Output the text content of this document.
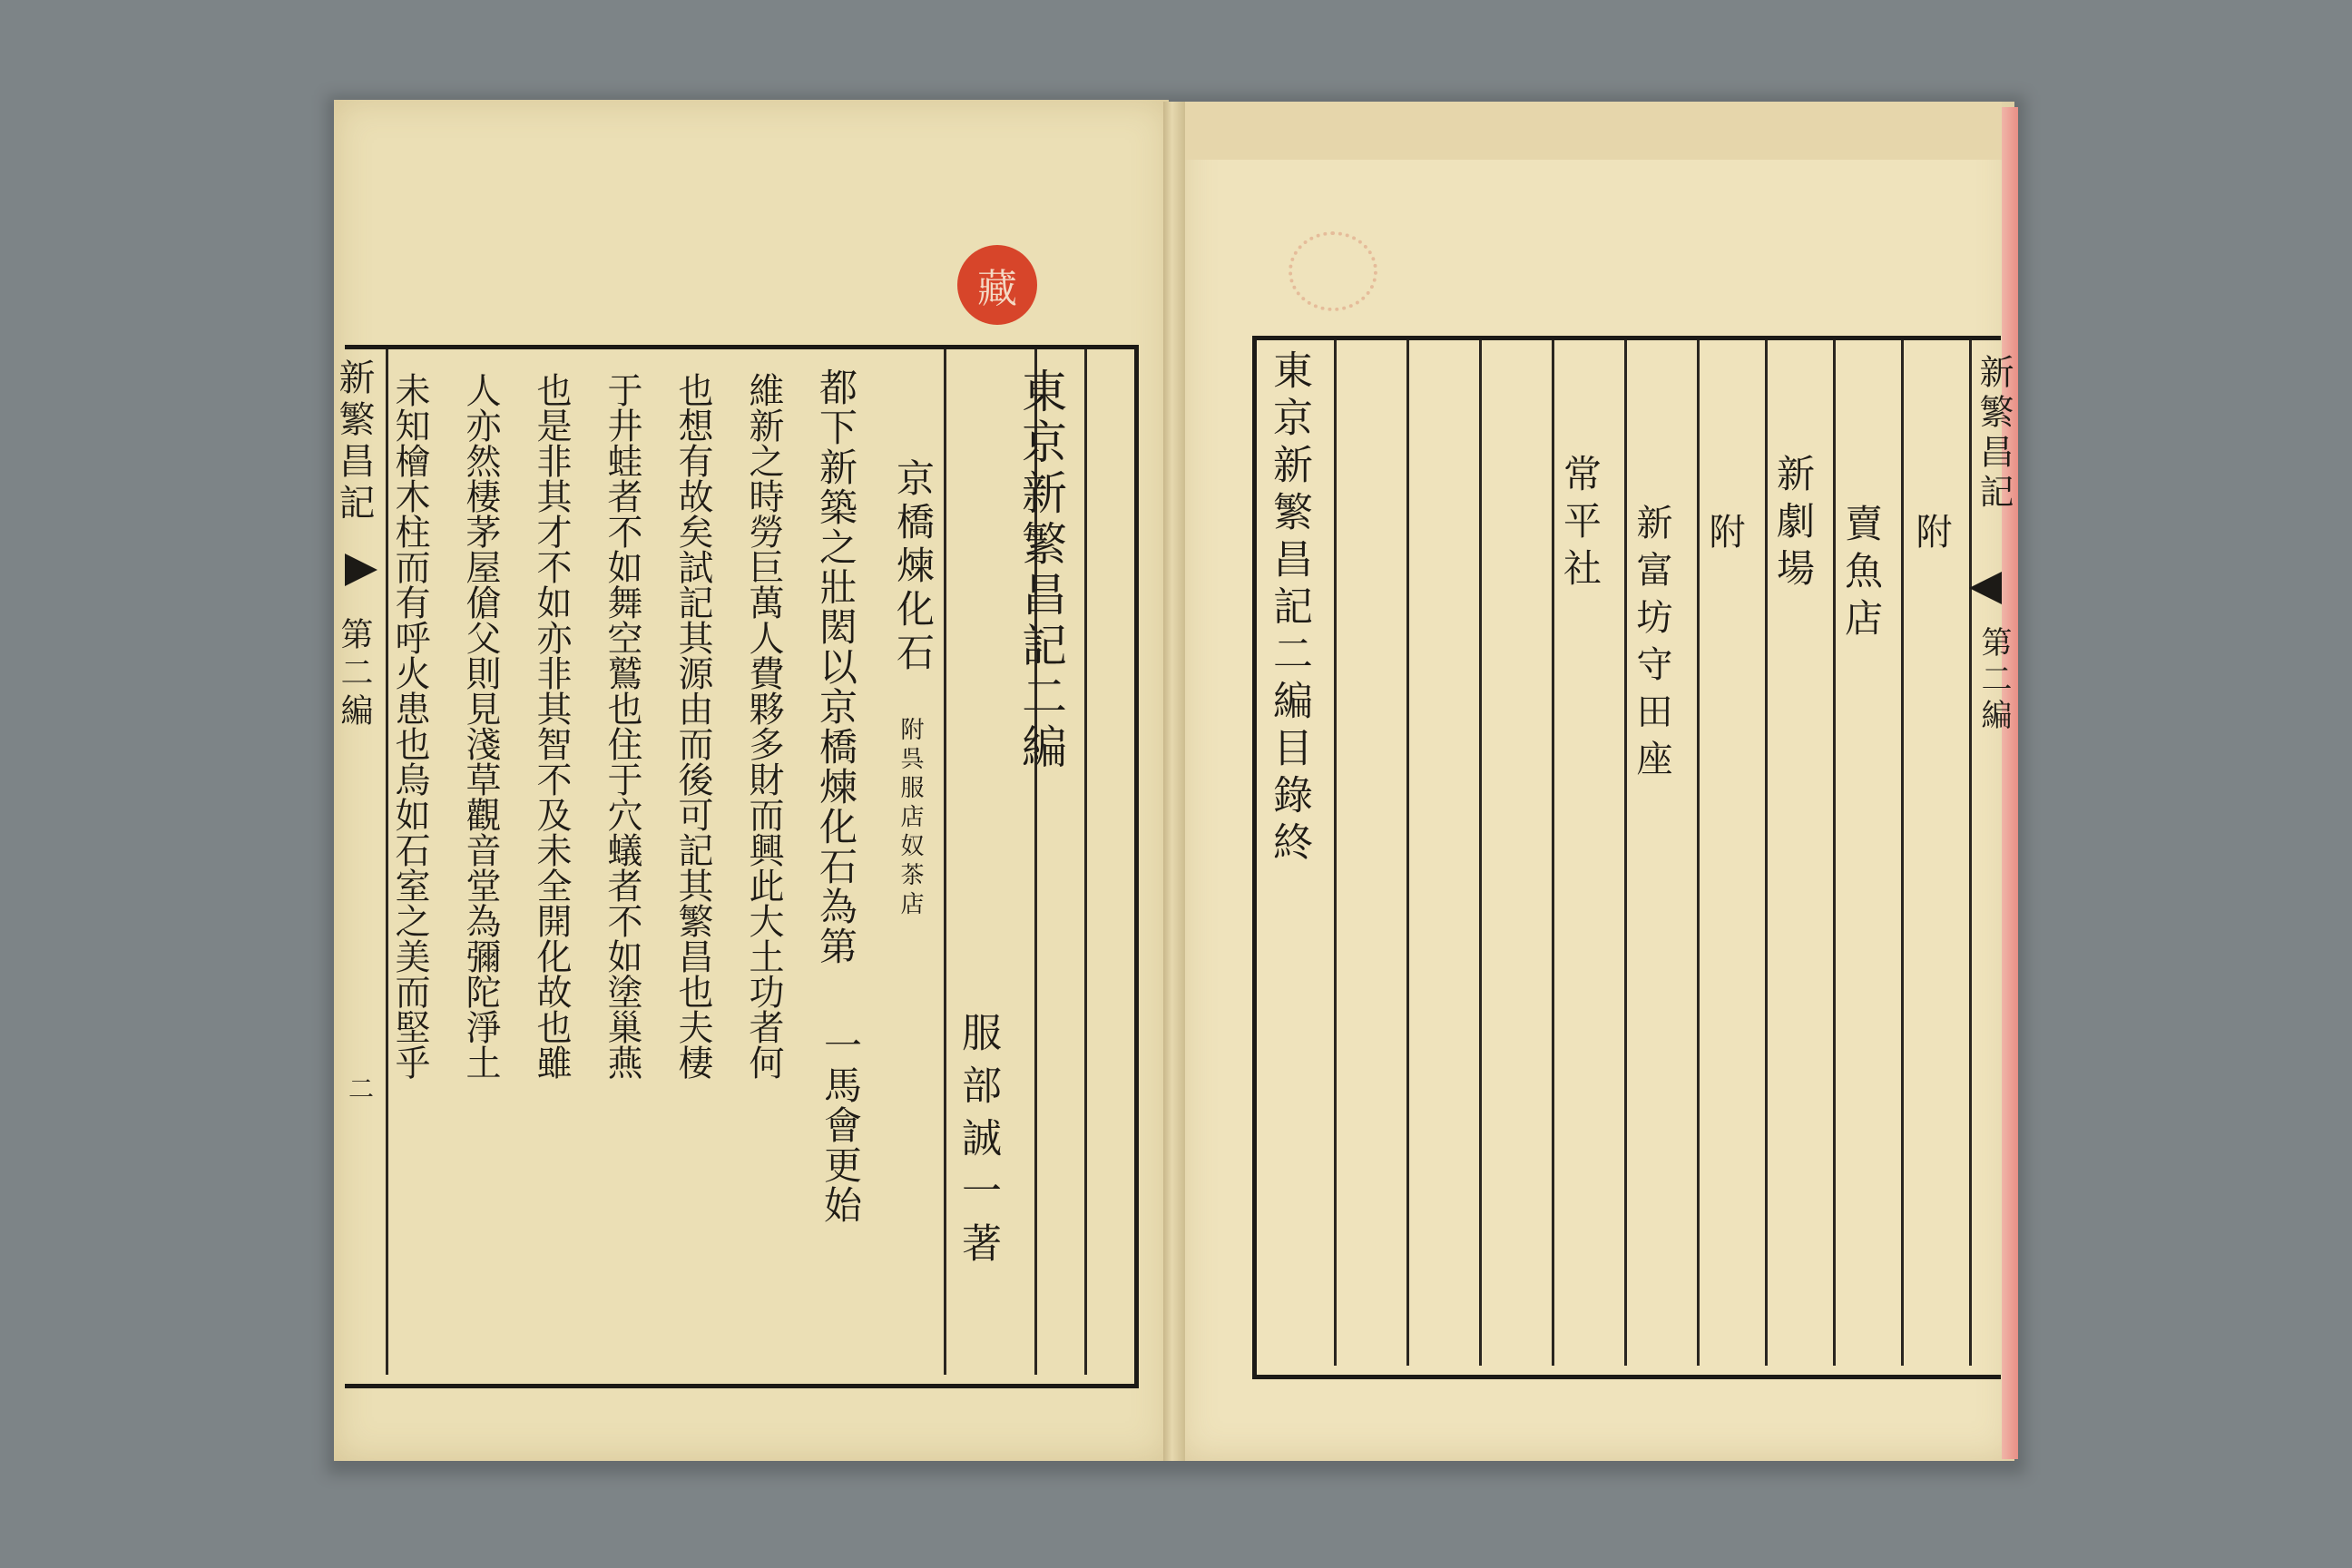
藏
東京新繁昌記二編
京橋煉化石
附呉服店奴茶店
服部誠一著
都下新築之壯閎以京橋煉化石為第
一馬會更始
維新之時勞巨萬人費夥多財而興此大土功者何
也想有故矣試記其源由而後可記其繁昌也夫棲
于井蛙者不如舞空鷲也住于穴蟻者不如塗巢燕
也是非其才不如亦非其智不及未全開化故也雖
人亦然棲茅屋傖父則見淺草觀音堂為彌陀淨土
未知檜木柱而有呼火患也烏如石室之美而堅乎
新繁昌記
第二編
二
附
賣魚店
新劇場
附
新富坊守田座
常平社
東京新繁昌記二編目錄終	新繁昌記
第二編
